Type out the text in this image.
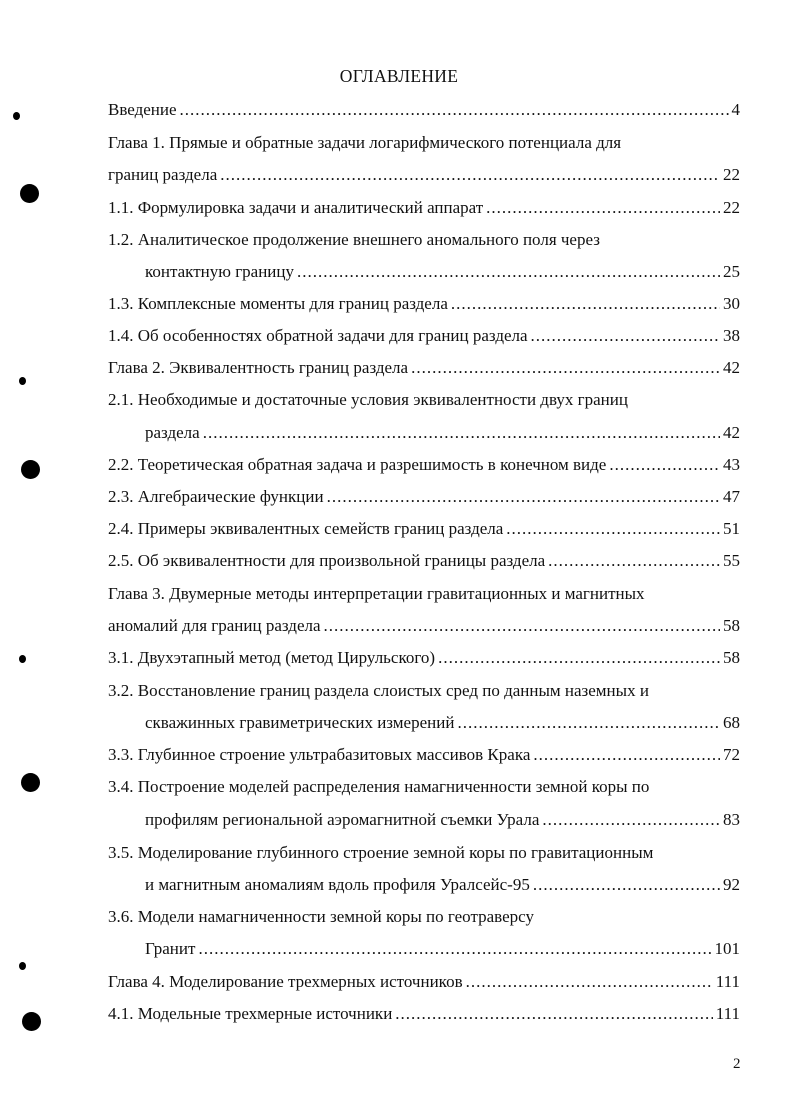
ОГЛАВЛЕНИЕ
Введение .....	4
Глава 1. Прямые и обратные задачи логарифмического потенциала для
границ раздела .....	22
1.1. Формулировка задачи и аналитический аппарат .....	22
1.2. Аналитическое продолжение внешнего аномального поля через
контактную границу .....	25
1.3. Комплексные моменты для границ раздела .....	30
1.4. Об особенностях обратной задачи для границ раздела .....	38
Глава 2. Эквивалентность границ раздела .....	42
2.1. Необходимые и достаточные условия эквивалентности двух границ
раздела .....	42
2.2. Теоретическая обратная задача и разрешимость в конечном виде .....	43
2.3. Алгебраические функции .....	47
2.4. Примеры эквивалентных семейств границ раздела .....	51
2.5. Об эквивалентности для произвольной границы раздела .....	55
Глава 3. Двумерные методы интерпретации гравитационных и магнитных
аномалий для границ раздела .....	58
3.1. Двухэтапный метод (метод Цирульского) .....	58
3.2. Восстановление границ раздела слоистых сред по данным наземных и
скважинных гравиметрических измерений .....	68
3.3. Глубинное строение ультрабазитовых массивов Крака .....	72
3.4. Построение моделей распределения намагниченности земной коры по
профилям региональной аэромагнитной съемки Урала .....	83
3.5. Моделирование глубинного строение земной коры по гравитационным
и магнитным аномалиям вдоль профиля Уралсейс-95 .....	92
3.6. Модели намагниченности земной коры по геотраверсу
Гранит .....	101
Глава 4. Моделирование трехмерных источников .....	111
4.1. Модельные трехмерные источники .....	111
2
